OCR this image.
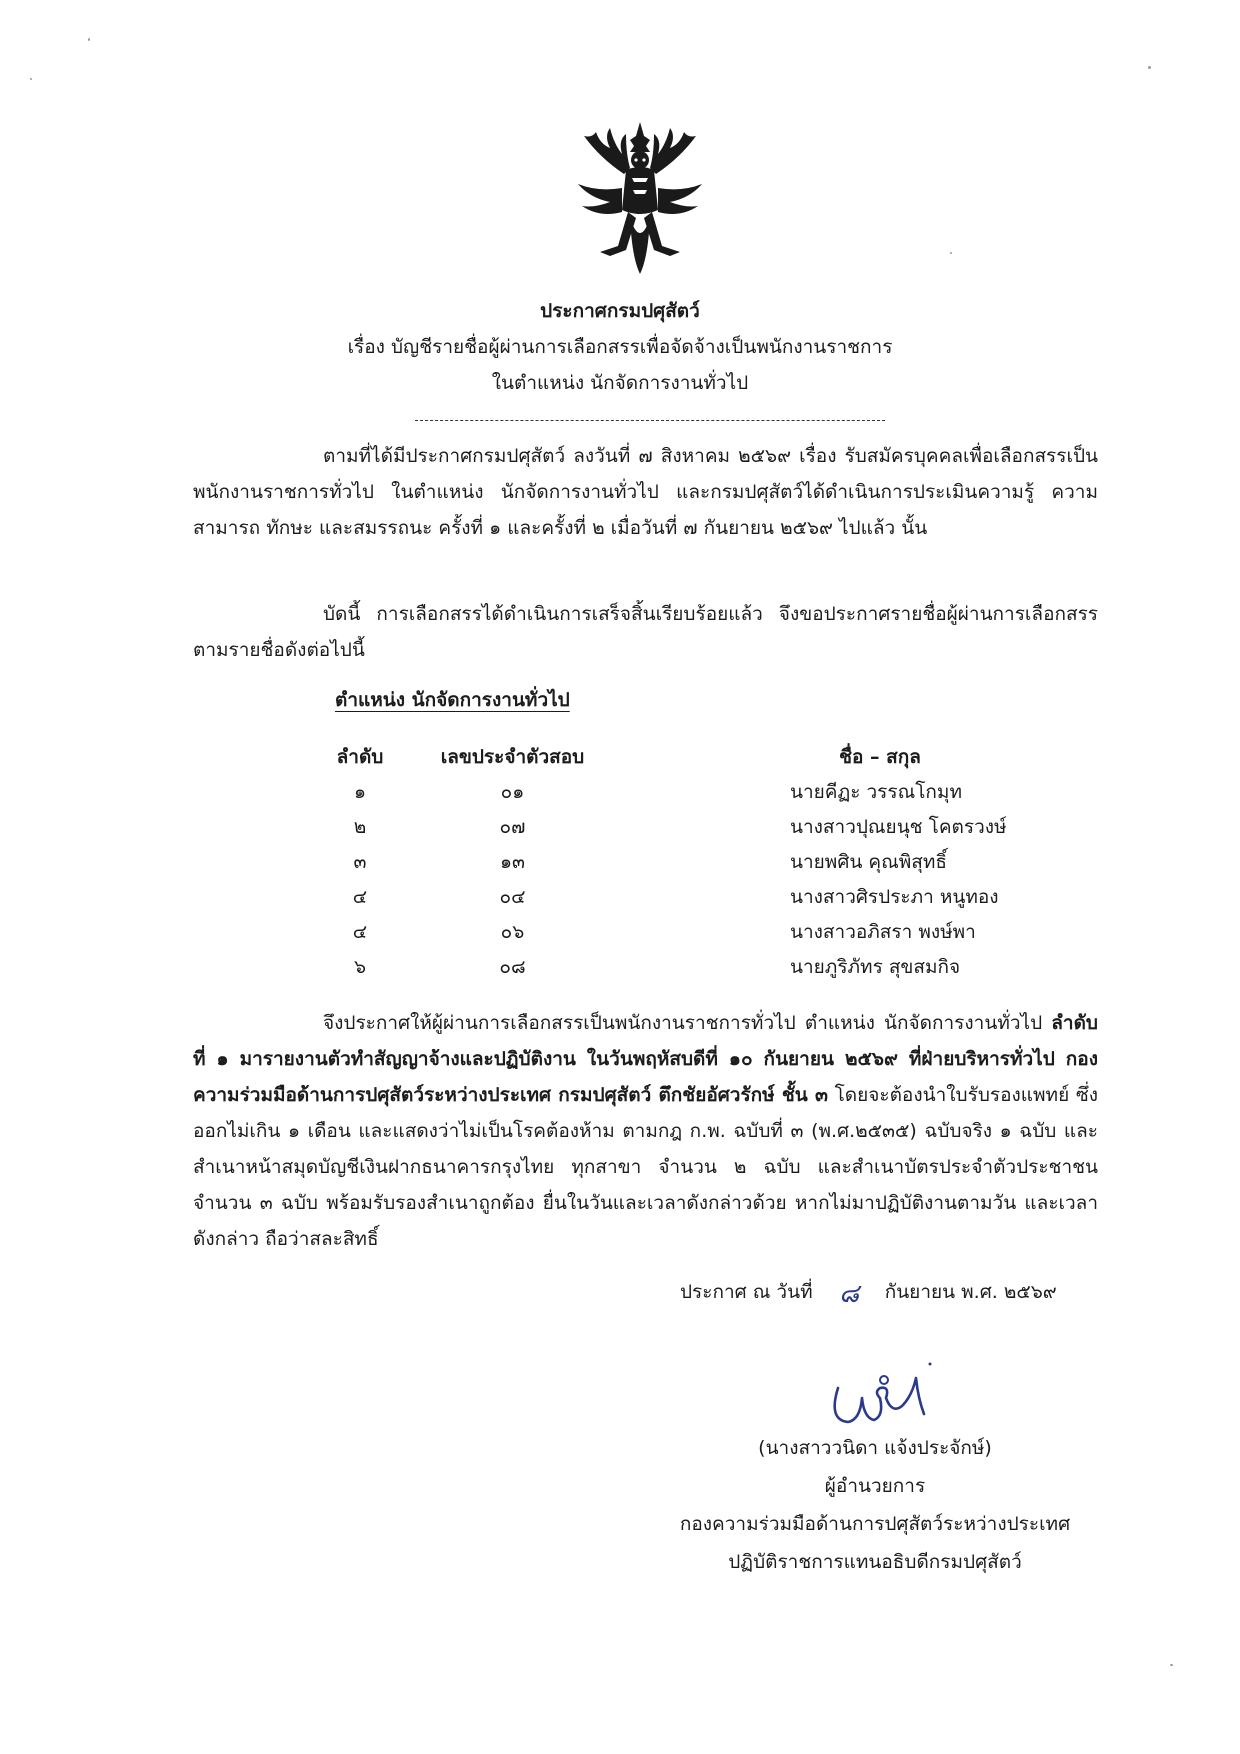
ประกาศกรมปศุสัตว์
เรื่อง บัญชีรายชื่อผู้ผ่านการเลือกสรรเพื่อจัดจ้างเป็นพนักงานราชการ
ในตำแหน่ง นักจัดการงานทั่วไป
ตามที่ได้มีประกาศกรมปศุสัตว์ ลงวันที่ ๗ สิงหาคม ๒๕๖๙ เรื่อง รับสมัครบุคคลเพื่อเลือกสรรเป็นพนักงานราชการทั่วไป ในตำแหน่ง นักจัดการงานทั่วไป และกรมปศุสัตว์ได้ดำเนินการประเมินความรู้ ความสามารถ ทักษะ และสมรรถนะ ครั้งที่ ๑ และครั้งที่ ๒ เมื่อวันที่ ๗ กันยายน ๒๕๖๙ ไปแล้ว นั้น
บัดนี้ การเลือกสรรได้ดำเนินการเสร็จสิ้นเรียบร้อยแล้ว จึงขอประกาศรายชื่อผู้ผ่านการเลือกสรร ตามรายชื่อดังต่อไปนี้
ตำแหน่ง นักจัดการงานทั่วไป
ลำดับ	เลขประจำตัวสอบ	ชื่อ – สกุล
๑	๐๑	นายคีฏะ วรรณโกมุท
๒	๐๗	นางสาวปุณยนุช โคตรวงษ์
๓	๑๓	นายพศิน คุณพิสุทธิ์
๔	๐๔	นางสาวศิรประภา หนูทอง
๔	๐๖	นางสาวอภิสรา พงษ์พา
๖	๐๘	นายภูริภัทร สุขสมกิจ
จึงประกาศให้ผู้ผ่านการเลือกสรรเป็นพนักงานราชการทั่วไป ตำแหน่ง นักจัดการงานทั่วไป ลำดับที่ ๑ มารายงานตัวทำสัญญาจ้างและปฏิบัติงาน ในวันพฤหัสบดีที่ ๑๐ กันยายน ๒๕๖๙ ที่ฝ่ายบริหารทั่วไป กองความร่วมมือด้านการปศุสัตว์ระหว่างประเทศ กรมปศุสัตว์ ตึกชัยอัศวรักษ์ ชั้น ๓ โดยจะต้องนำใบรับรองแพทย์ ซึ่งออกไม่เกิน ๑ เดือน และแสดงว่าไม่เป็นโรคต้องห้าม ตามกฎ ก.พ. ฉบับที่ ๓ (พ.ศ.๒๕๓๕) ฉบับจริง ๑ ฉบับ และสำเนาหน้าสมุดบัญชีเงินฝากธนาคารกรุงไทย ทุกสาขา จำนวน ๒ ฉบับ และสำเนาบัตรประจำตัวประชาชน จำนวน ๓ ฉบับ พร้อมรับรองสำเนาถูกต้อง ยื่นในวันและเวลาดังกล่าวด้วย หากไม่มาปฏิบัติงานตามวัน และเวลาดังกล่าว ถือว่าสละสิทธิ์
ประกาศ ณ วันที่ ๘ กันยายน พ.ศ. ๒๕๖๙
(นางสาววนิดา แจ้งประจักษ์)
ผู้อำนวยการ
กองความร่วมมือด้านการปศุสัตว์ระหว่างประเทศ
ปฏิบัติราชการแทนอธิบดีกรมปศุสัตว์
